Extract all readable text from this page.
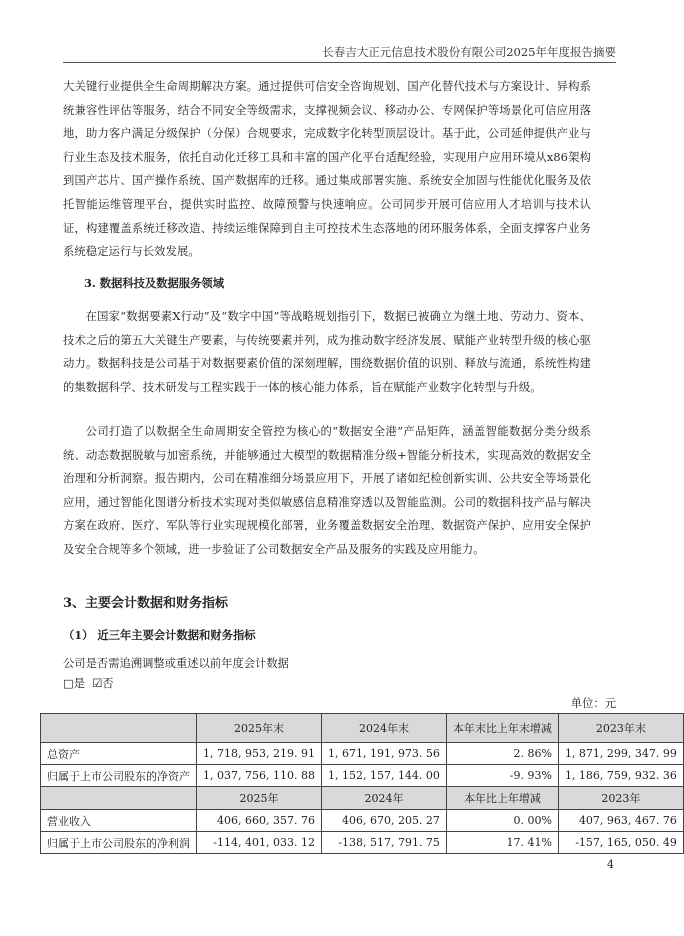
长春吉大正元信息技术股份有限公司2025年年度报告摘要
大关键行业提供全生命周期解决方案。通过提供可信安全咨询规划、国产化替代技术与方案设计、异构系统兼容性评估等服务，结合不同安全等级需求，支撑视频会议、移动办公、专网保护等场景化可信应用落地，助力客户满足分级保护（分保）合规要求，完成数字化转型顶层设计。基于此，公司延伸提供产业与行业生态及技术服务，依托自动化迁移工具和丰富的国产化平台适配经验，实现用户应用环境从x86架构到国产芯片、国产操作系统、国产数据库的迁移。通过集成部署实施、系统安全加固与性能优化服务及依托智能运维管理平台，提供实时监控、故障预警与快速响应。公司同步开展可信应用人才培训与技术认证，构建覆盖系统迁移改造、持续运维保障到自主可控技术生态落地的闭环服务体系，全面支撑客户业务系统稳定运行与长效发展。
3. 数据科技及数据服务领域
在国家“数据要素X行动”及“数字中国”等战略规划指引下，数据已被确立为继土地、劳动力、资本、技术之后的第五大关键生产要素，与传统要素并列，成为推动数字经济发展、赋能产业转型升级的核心驱动力。数据科技是公司基于对数据要素价值的深刻理解，围绕数据价值的识别、释放与流通，系统性构建的集数据科学、技术研发与工程实践于一体的核心能力体系，旨在赋能产业数字化转型与升级。
公司打造了以数据全生命周期安全管控为核心的“数据安全港”产品矩阵，涵盖智能数据分类分级系统、动态数据脱敏与加密系统，并能够通过大模型的数据精准分级+智能分析技术，实现高效的数据安全治理和分析洞察。报告期内，公司在精准细分场景应用下，开展了诸如纪检创新实训、公共安全等场景化应用，通过智能化图谱分析技术实现对类似敏感信息精准穿透以及智能监测。公司的数据科技产品与解决方案在政府、医疗、军队等行业实现规模化部署，业务覆盖数据安全治理、数据资产保护、应用安全保护及安全合规等多个领域，进一步验证了公司数据安全产品及服务的实践及应用能力。
3、主要会计数据和财务指标
（1） 近三年主要会计数据和财务指标
公司是否需追溯调整或重述以前年度会计数据
□是 ☑否
单位：元
	2025年末	2024年末	本年末比上年末增减	2023年末
总资产	1, 718, 953, 219. 91	1, 671, 191, 973. 56	2. 86%	1, 871, 299, 347. 99
归属于上市公司股东的净资产	1, 037, 756, 110. 88	1, 152, 157, 144. 00	-9. 93%	1, 186, 759, 932. 36
	2025年	2024年	本年比上年增减	2023年
营业收入	406, 660, 357. 76	406, 670, 205. 27	0. 00%	407, 963, 467. 76
归属于上市公司股东的净利润	-114, 401, 033. 12	-138, 517, 791. 75	17. 41%	-157, 165, 050. 49
4
